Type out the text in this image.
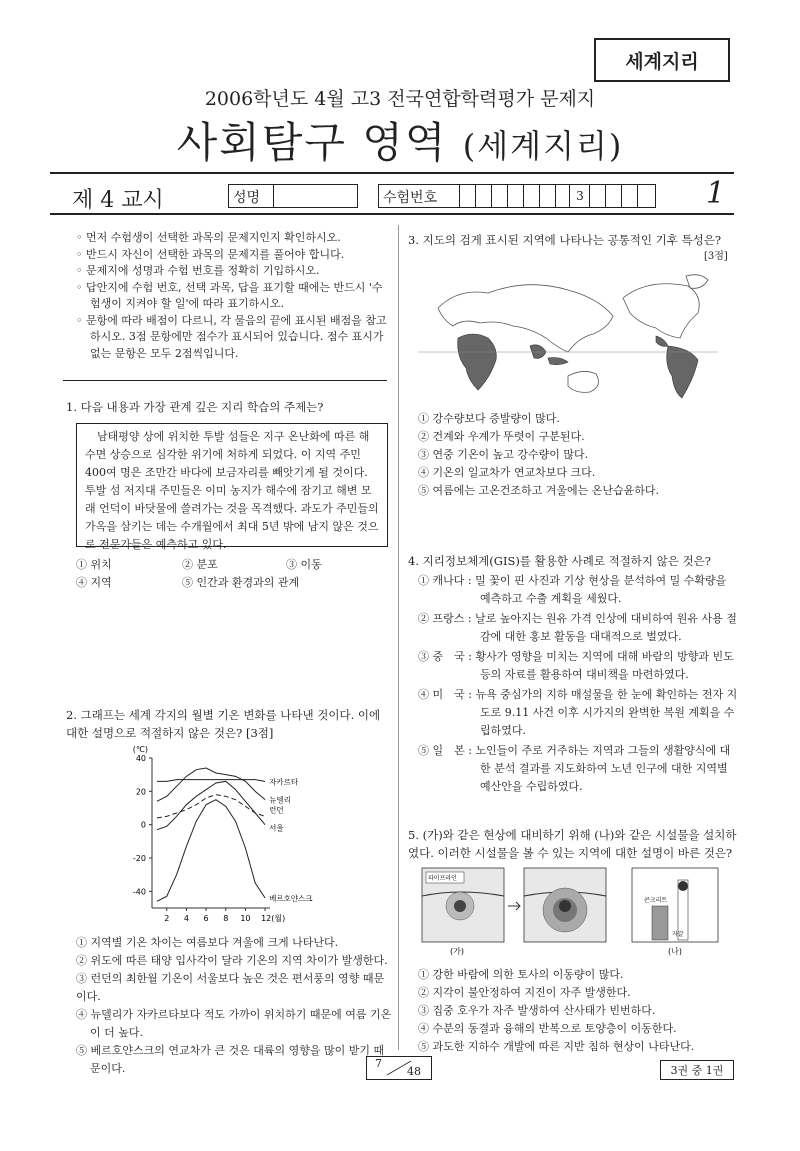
세계지리
2006학년도 4월 고3 전국연합학력평가 문제지
사회탐구 영역 (세계지리)
제 4 교시	성명	수험번호	3	1

◦ 먼저 수험생이 선택한 과목의 문제지인지 확인하시오.

◦ 반드시 자신이 선택한 과목의 문제지를 풀어야 합니다.

◦ 문제지에 성명과 수험 번호를 정확히 기입하시오.

◦ 답안지에 수험 번호, 선택 과목, 답을 표기할 때에는 반드시 '수험생이 지켜야 할 일'에 따라 표기하시오.

◦ 문항에 따라 배점이 다르니, 각 물음의 끝에 표시된 배점을 참고하시오. 3점 문항에만 점수가 표시되어 있습니다. 점수 표시가 없는 문항은 모두 2점씩입니다.

1. 다음 내용과 가장 관계 깊은 지리 학습의 주제는?
남태평양 상에 위치한 투발 섬들은 지구 온난화에 따른 해수면 상승으로 심각한 위기에 처하게 되었다. 이 지역 주민 400여 명은 조만간 바다에 보금자리를 빼앗기게 될 것이다. 투발 섬 저지대 주민들은 이미 농지가 해수에 잠기고 해변 모래 언덕이 바닷물에 쓸려가는 것을 목격했다. 과도가 주민들의 가옥을 삼키는 데는 수개월에서 최대 5년 밖에 남지 않은 것으로 전문가들은 예측하고 있다.
① 위치	② 분포	③ 이동
④ 지역	⑤ 인간과 환경과의 관계
2. 그래프는 세계 각지의 월별 기온 변화를 나타낸 것이다. 이에 대한 설명으로 적절하지 않은 것은? [3점]
(℃)
40
20
0
-20
-40
2 4 6 8 10 12(월)
자카르타
뉴델리
런던
서울
베르호얀스크
① 지역별 기온 차이는 여름보다 겨울에 크게 나타난다.
② 위도에 따른 태양 입사각이 달라 기온의 지역 차이가 발생한다.
③ 런던의 최한월 기온이 서울보다 높은 것은 편서풍의 영향 때문이다.
④ 뉴델리가 자카르타보다 적도 가까이 위치하기 때문에 여름 기온이 더 높다.
⑤ 베르호얀스크의 연교차가 큰 것은 대륙의 영향을 많이 받기 때문이다.
3. 지도의 검게 표시된 지역에 나타나는 공통적인 기후 특성은?
[3점]
① 강수량보다 증발량이 많다.
② 건계와 우계가 뚜렷이 구분된다.
③ 연중 기온이 높고 강수량이 많다.
④ 기온의 일교차가 연교차보다 크다.
⑤ 여름에는 고온건조하고 겨울에는 온난습윤하다.
4. 지리정보체계(GIS)를 활용한 사례로 적절하지 않은 것은?
① 캐나다 : 밀 꽃이 핀 사진과 기상 현상을 분석하여 밀 수확량을 예측하고 수출 계획을 세웠다.
② 프랑스 : 날로 높아지는 원유 가격 인상에 대비하여 원유 사용 절감에 대한 홍보 활동을 대대적으로 벌였다.
③ 중　국 : 황사가 영향을 미치는 지역에 대해 바람의 방향과 빈도 등의 자료를 활용하여 대비책을 마련하였다.
④ 미　국 : 뉴욕 중심가의 지하 매설물을 한 눈에 확인하는 전자 지도로 9.11 사건 이후 시가지의 완벽한 복원 계획을 수립하였다.
⑤ 일　본 : 노인들이 주로 거주하는 지역과 그들의 생활양식에 대한 분석 결과를 지도화하여 노년 인구에 대한 지역별 예산안을 수립하였다.
5. (가)와 같은 현상에 대비하기 위해 (나)와 같은 시설물을 설치하였다. 이러한 시설물을 볼 수 있는 지역에 대한 설명이 바른 것은?
파이프라인
콘크리트
자갈
(가)	(나)
① 강한 바람에 의한 토사의 이동량이 많다.
② 지각이 불안정하여 지진이 자주 발생한다.
③ 집중 호우가 자주 발생하여 산사태가 빈번하다.
④ 수분의 동결과 융해의 반복으로 토양층이 이동한다.
⑤ 과도한 지하수 개발에 따른 지반 침하 현상이 나타난다.
7
48	3권 중 1권
